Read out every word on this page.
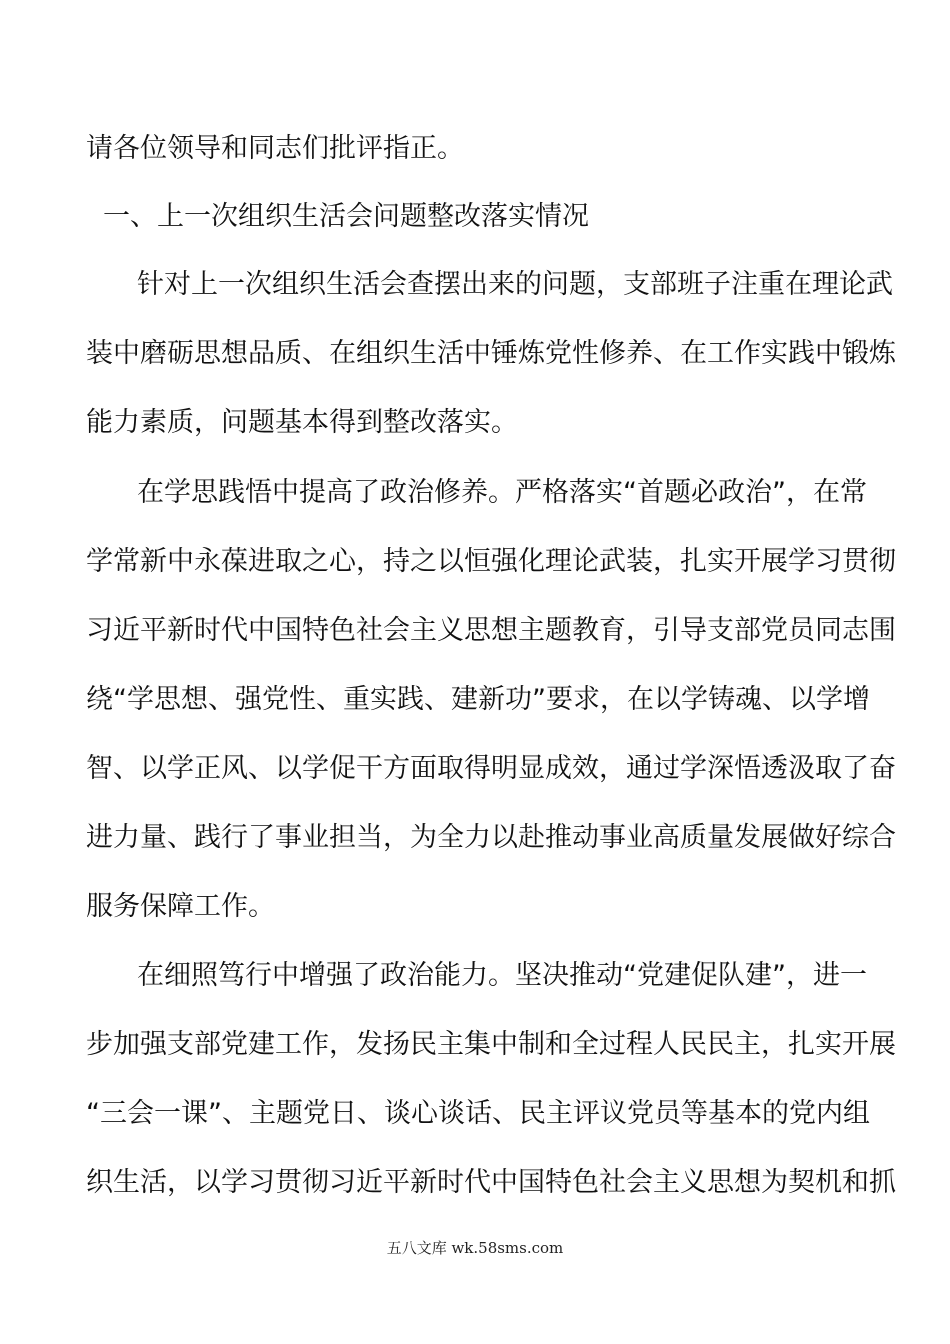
请各位领导和同志们批评指正。
一、上一次组织生活会问题整改落实情况
针对上一次组织生活会查摆出来的问题，支部班子注重在理论武
装中磨砺思想品质、在组织生活中锤炼党性修养、在工作实践中锻炼
能力素质，问题基本得到整改落实。
在学思践悟中提高了政治修养。严格落实“首题必政治”，在常
学常新中永葆进取之心，持之以恒强化理论武装，扎实开展学习贯彻
习近平新时代中国特色社会主义思想主题教育，引导支部党员同志围
绕“学思想、强党性、重实践、建新功”要求，在以学铸魂、以学增
智、以学正风、以学促干方面取得明显成效，通过学深悟透汲取了奋
进力量、践行了事业担当，为全力以赴推动事业高质量发展做好综合
服务保障工作。
在细照笃行中增强了政治能力。坚决推动“党建促队建”，进一
步加强支部党建工作，发扬民主集中制和全过程人民民主，扎实开展
“三会一课”、主题党日、谈心谈话、民主评议党员等基本的党内组
织生活，以学习贯彻习近平新时代中国特色社会主义思想为契机和抓
五八文库 wk.58sms.com
